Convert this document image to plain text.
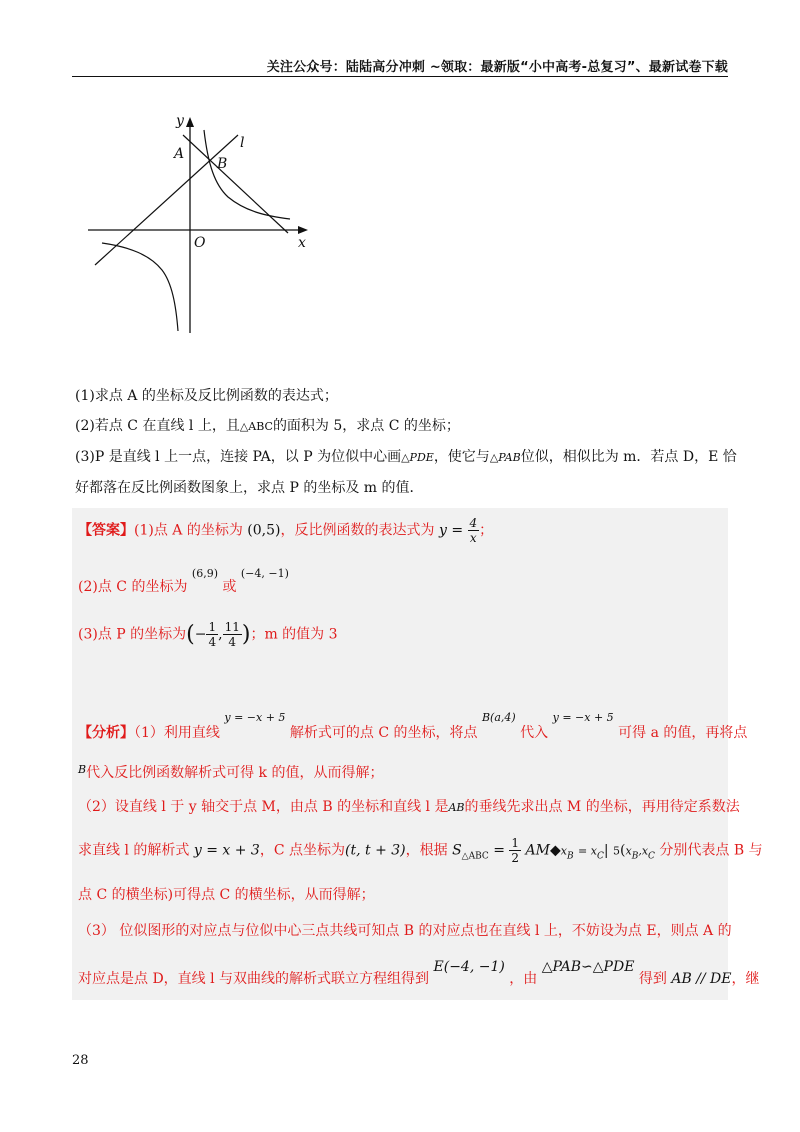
关注公众号：陆陆高分冲刺 ~领取：最新版“小中高考-总复习”、最新试卷下载
y
l
A
B
O	x
(1)求点 A 的坐标及反比例函数的表达式；
(2)若点 C 在直线 l 上，且△ABC的面积为 5，求点 C 的坐标；
(3)P 是直线 l 上一点，连接 PA，以 P 为位似中心画△PDE，使它与△PAB位似，相似比为 m．若点 D，E 恰
好都落在反比例函数图象上，求点 P 的坐标及 m 的值．
【答案】(1)点 A 的坐标为 (0,5)，反比例函数的表达式为 $y = \frac{4}{x}$ ；
(2)点 C 的坐标为 (6,9) 或 (−4, −1)
(3)点 P 的坐标为(− $\frac{1}{4}$ , $\frac{11}{4}$ )；m 的值为 3
【分析】（1）利用直线 $^{y = -x + 5}$ 解析式可的点 C 的坐标，将点 $^{B(a,4)}$ 代入 $^{y = -x + 5}$ 可得 a 的值，再将点
$^B$代入反比例函数解析式可得 k 的值，从而得解；
（2）设直线 l 于 y 轴交于点 M，由点 B 的坐标和直线 l 是AB的垂线先求出点 M 的坐标，再用待定系数法
求直线 l 的解析式 y = x + 3，C 点坐标为(t, t + 3)，根据 $S_{\triangle ABC} = \frac{1}{2}$ $AM◆x_B = x_C|$ $5(x_B,x_C$ 分别代表点 B 与
点 C 的横坐标)可得点 C 的横坐标，从而得解；
（3） 位似图形的对应点与位似中心三点共线可知点 B 的对应点也在直线 l 上，不妨设为点 E，则点 A 的
对应点是点 D，直线 l 与双曲线的解析式联立方程组得到 E(−4, −1) ，由 △PAB∽△PDE 得到 AB // DE，继
28
